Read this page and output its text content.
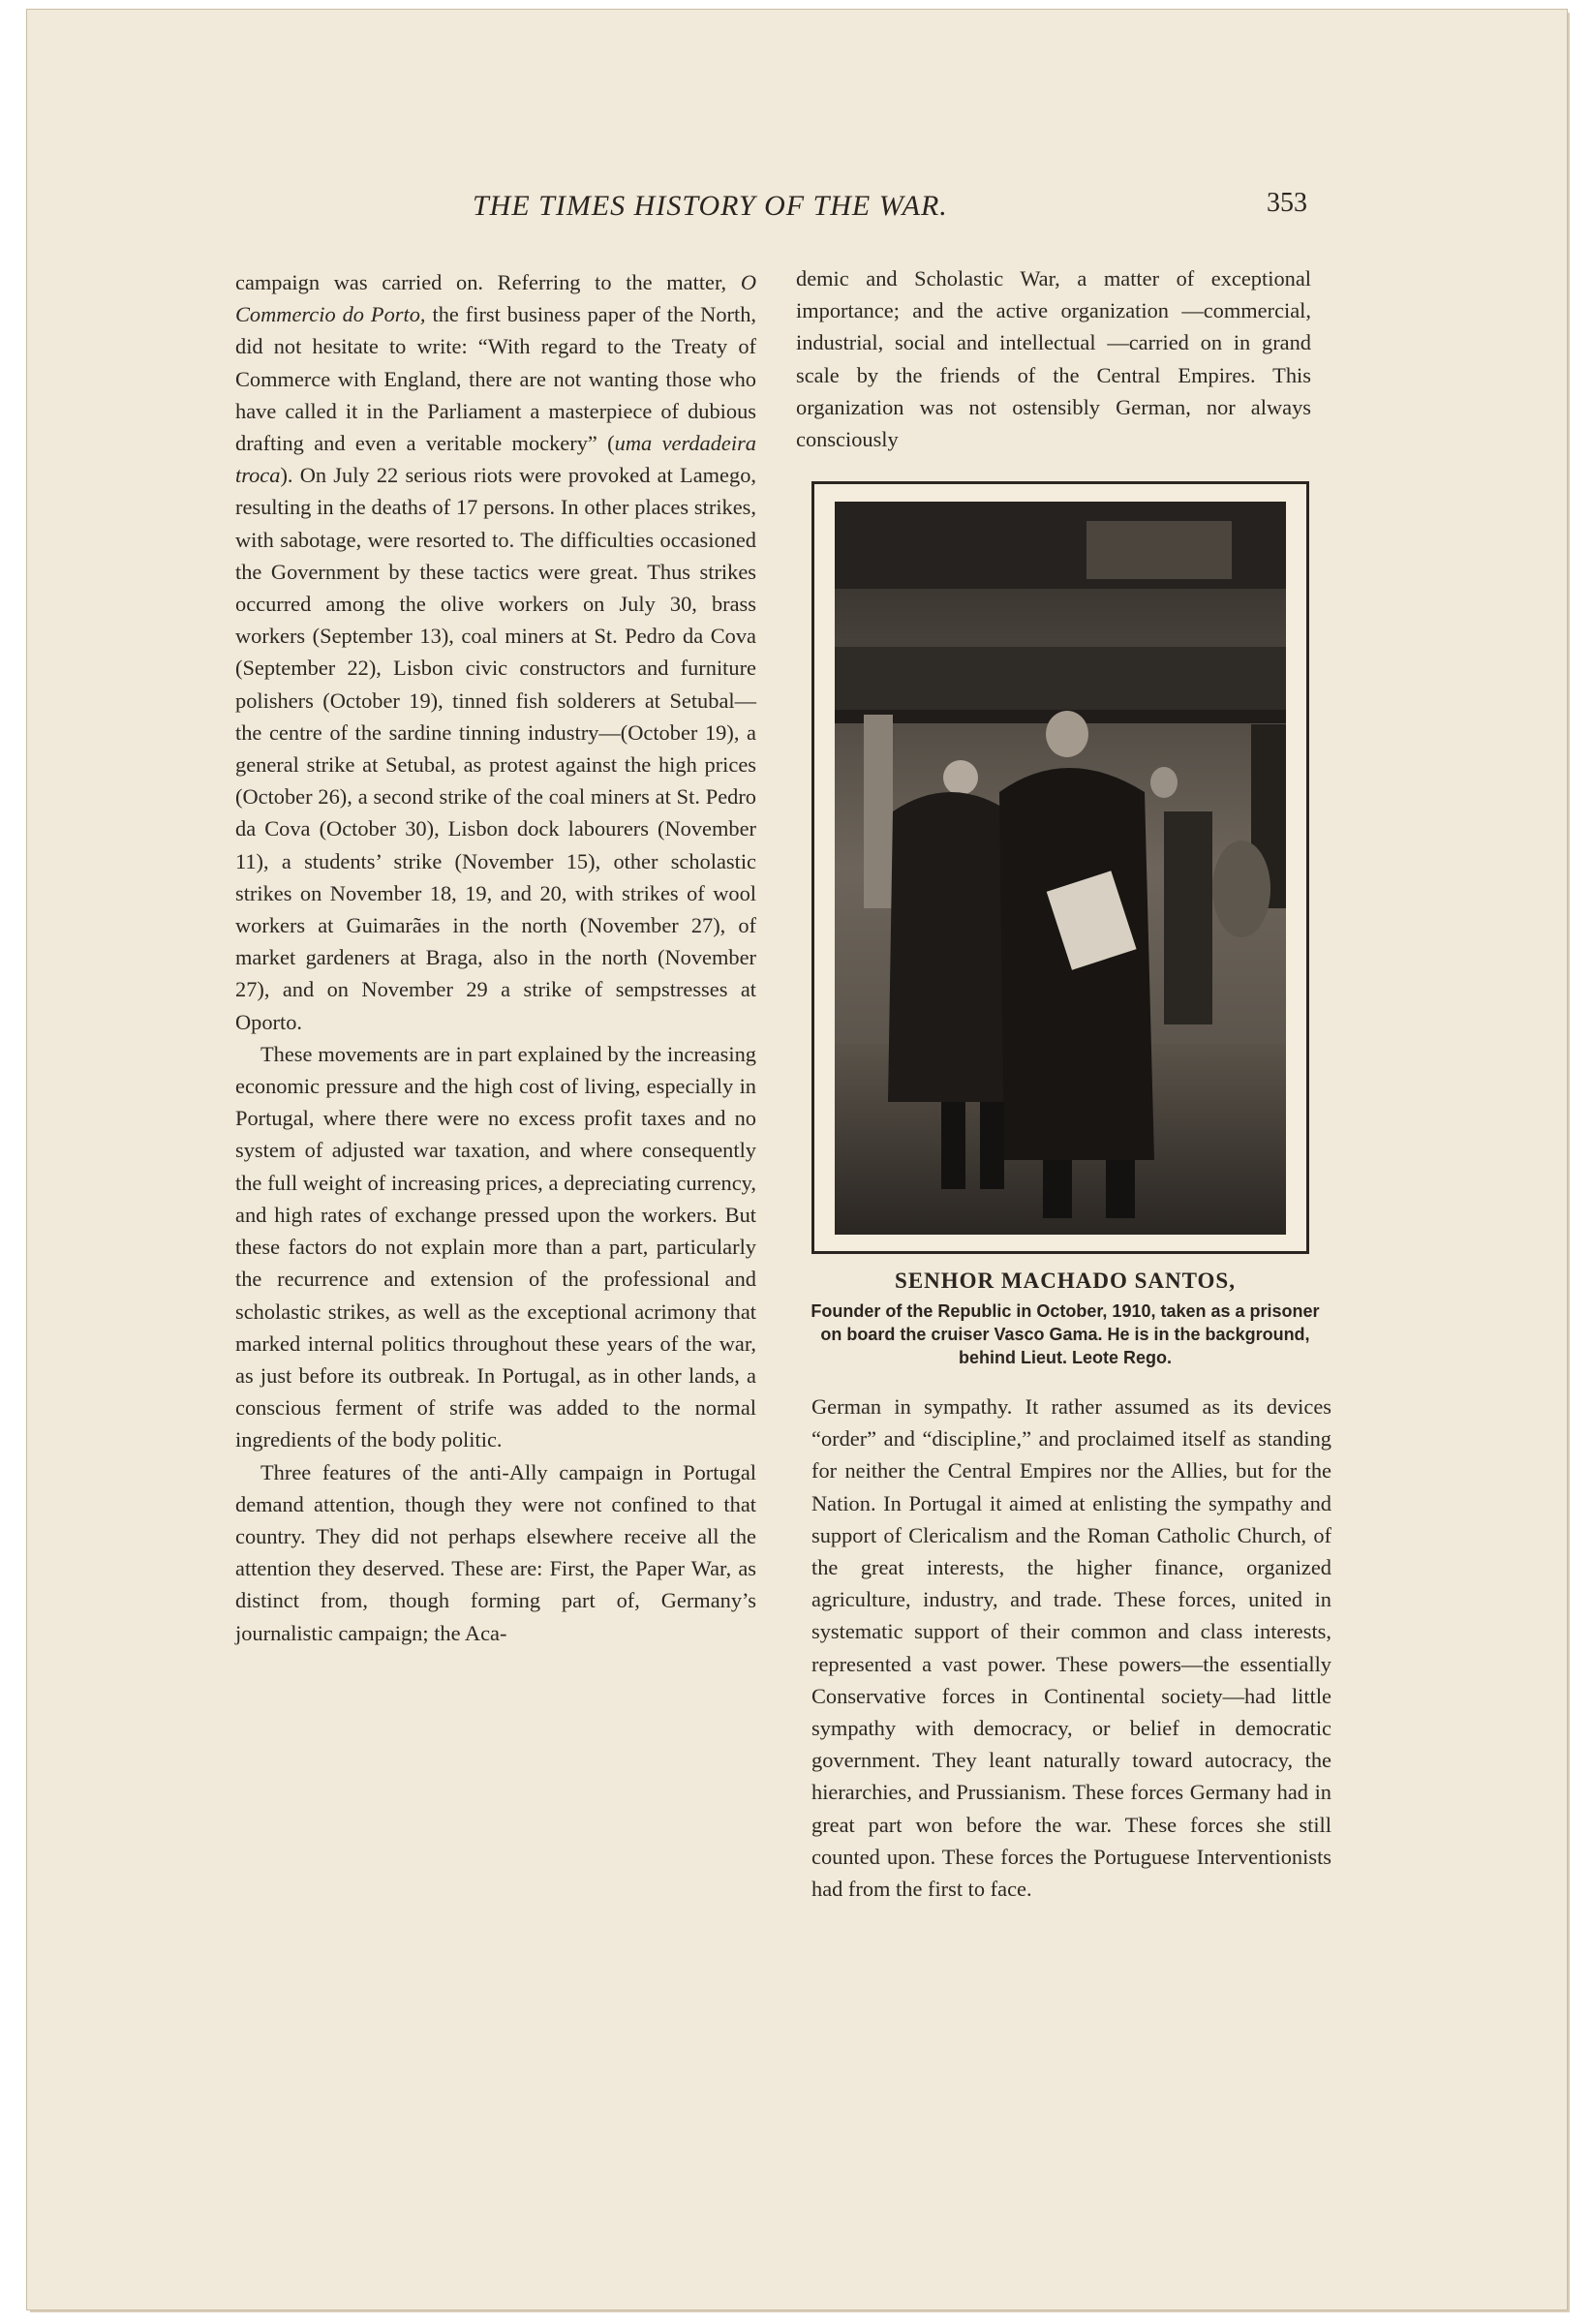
THE TIMES HISTORY OF THE WAR.	353

campaign was carried on. Referring to the matter, O Commercio do Porto, the first business paper of the North, did not hesitate to write: “With regard to the Treaty of Commerce with England, there are not wanting those who have called it in the Parliament a masterpiece of dubious drafting and even a veritable mockery” (uma verdadeira troca). On July 22 serious riots were provoked at Lamego, resulting in the deaths of 17 persons. In other places strikes, with sabotage, were resorted to. The difficulties occasioned the Government by these tactics were great. Thus strikes occurred among the olive workers on July 30, brass workers (September 13), coal miners at St. Pedro da Cova (September 22), Lisbon civic constructors and furniture polishers (October 19), tinned fish solderers at Setubal—the centre of the sardine tinning industry—(October 19), a general strike at Setubal, as protest against the high prices (October 26), a second strike of the coal miners at St. Pedro da Cova (October 30), Lisbon dock labourers (November 11), a students’ strike (November 15), other scholastic strikes on November 18, 19, and 20, with strikes of wool workers at Guimarães in the north (November 27), of market gardeners at Braga, also in the north (November 27), and on November 29 a strike of sempstresses at Oporto.

These movements are in part explained by the increasing economic pressure and the high cost of living, especially in Portugal, where there were no excess profit taxes and no system of adjusted war taxation, and where consequently the full weight of increasing prices, a depreciating currency, and high rates of exchange pressed upon the workers. But these factors do not explain more than a part, particularly the recurrence and extension of the professional and scholastic strikes, as well as the exceptional acrimony that marked internal politics throughout these years of the war, as just before its outbreak. In Portugal, as in other lands, a conscious ferment of strife was added to the normal ingredients of the body politic.

Three features of the anti-Ally campaign in Portugal demand attention, though they were not confined to that country. They did not perhaps elsewhere receive all the attention they deserved. These are: First, the Paper War, as distinct from, though forming part of, Germany’s journalistic campaign; the Aca-

demic and Scholastic War, a matter of exceptional importance; and the active organization —commercial, industrial, social and intellectual —carried on in grand scale by the friends of the Central Empires. This organization was not ostensibly German, nor always consciously

SENHOR MACHADO SANTOS,
Founder of the Republic in October, 1910, taken as a prisoner on board the cruiser Vasco Gama. He is in the background, behind Lieut. Leote Rego.

German in sympathy. It rather assumed as its devices “order” and “discipline,” and proclaimed itself as standing for neither the Central Empires nor the Allies, but for the Nation. In Portugal it aimed at enlisting the sympathy and support of Clericalism and the Roman Catholic Church, of the great interests, the higher finance, organized agriculture, industry, and trade. These forces, united in systematic support of their common and class interests, represented a vast power. These powers—the essentially Conservative forces in Continental society—had little sympathy with democracy, or belief in democratic government. They leant naturally toward autocracy, the hierarchies, and Prussianism. These forces Germany had in great part won before the war. These forces she still counted upon. These forces the Portuguese Interventionists had from the first to face.
